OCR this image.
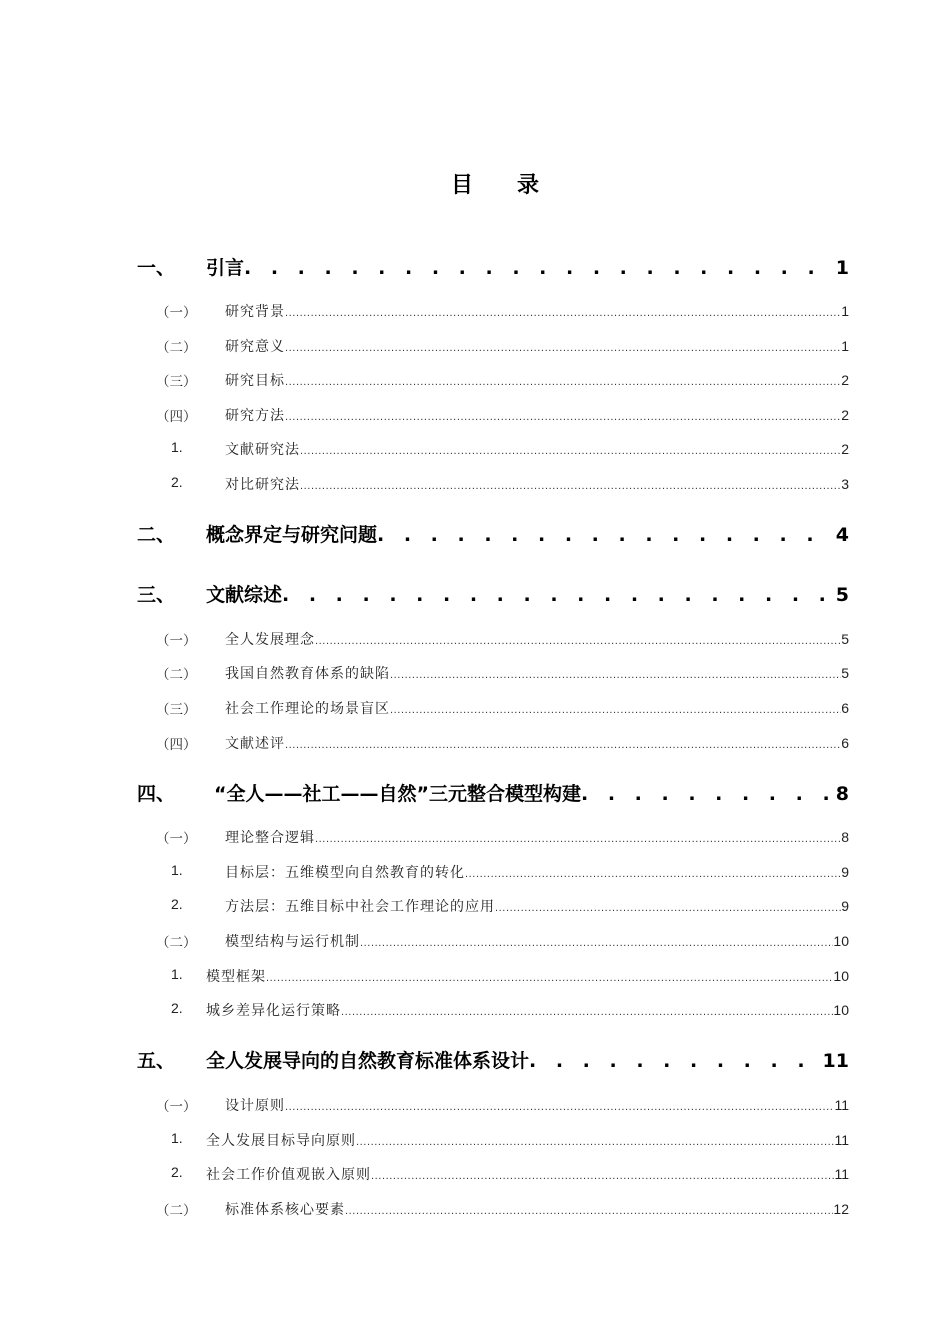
目 录
一、 引言 . . .	1
（一） 研究背景 .....	1
（二） 研究意义 .....	1
（三） 研究目标 .....	2
（四） 研究方法 .....	2
1.	文献研究法 .....	2
2.	对比研究法 .....	3
二、 概念界定与研究问题 . . .	4
三、 文献综述 . . .	5
（一） 全人发展理念 .....	5
（二） 我国自然教育体系的缺陷 .....	5
（三） 社会工作理论的场景盲区 .....	6
（四） 文献述评 .....	6
四、 “全人——社工——自然”三元整合模型构建 . . .	8
（一） 理论整合逻辑 .....	8
1.	目标层：五维模型向自然教育的转化 .....	9
2.	方法层：五维目标中社会工作理论的应用 .....	9
（二） 模型结构与运行机制 .....	10
1. 模型框架 .....	10
2. 城乡差异化运行策略 .....	10
五、 全人发展导向的自然教育标准体系设计 . . .	11
（一） 设计原则 .....	11
1. 全人发展目标导向原则 .....	11
2. 社会工作价值观嵌入原则 .....	11
（二） 标准体系核心要素 .....	12
